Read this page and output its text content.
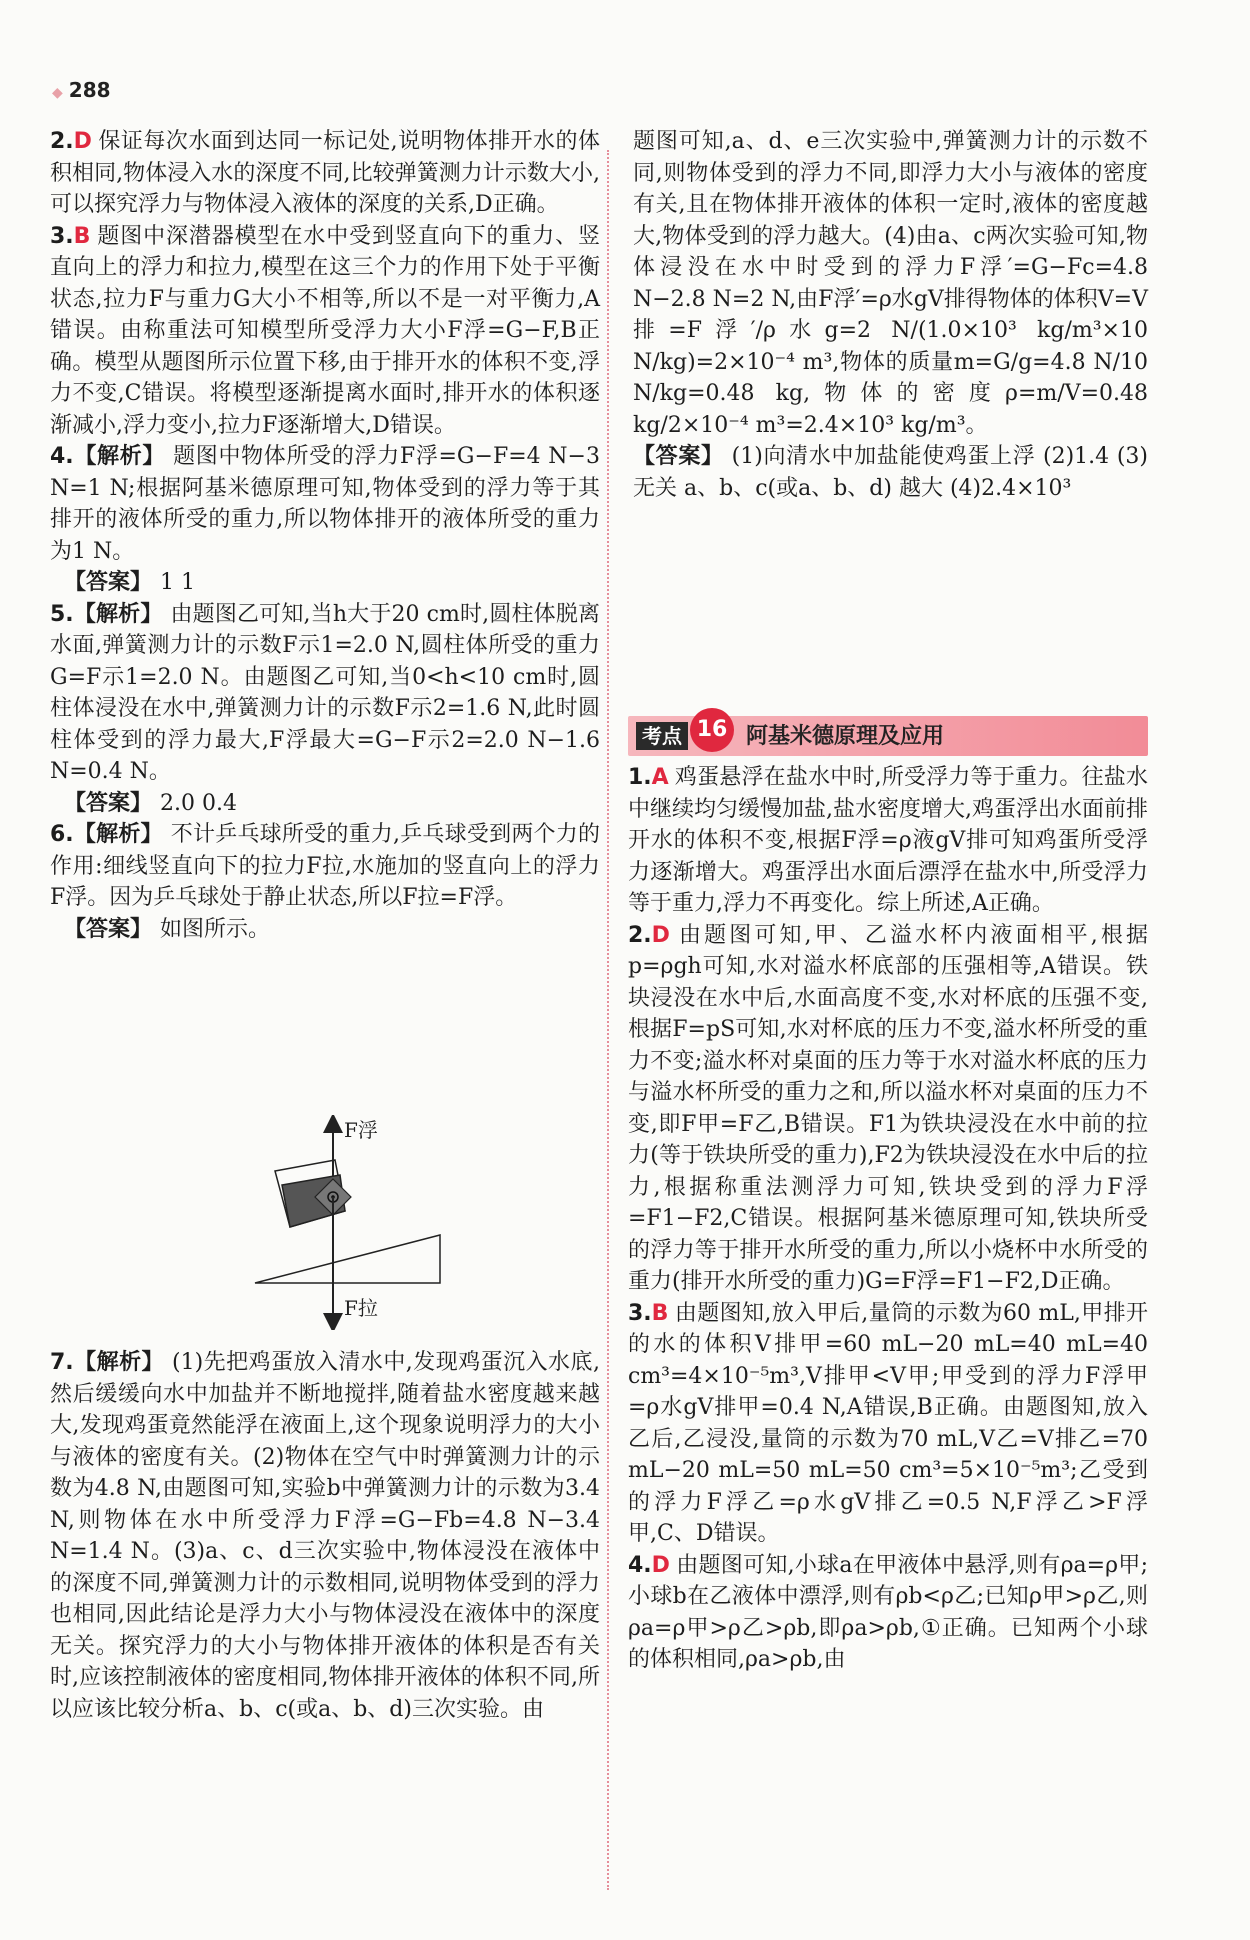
◆ 288

2.D 保证每次水面到达同一标记处,说明物体排开水的体积相同,物体浸入水的深度不同,比较弹簧测力计示数大小,可以探究浮力与物体浸入液体的深度的关系,D正确。

3.B 题图中深潜器模型在水中受到竖直向下的重力、竖直向上的浮力和拉力,模型在这三个力的作用下处于平衡状态,拉力F与重力G大小不相等,所以不是一对平衡力,A错误。由称重法可知模型所受浮力大小F浮=G−F,B正确。模型从题图所示位置下移,由于排开水的体积不变,浮力不变,C错误。将模型逐渐提离水面时,排开水的体积逐渐减小,浮力变小,拉力F逐渐增大,D错误。

4.【解析】 题图中物体所受的浮力F浮=G−F=4 N−3 N=1 N;根据阿基米德原理可知,物体受到的浮力等于其排开的液体所受的重力,所以物体排开的液体所受的重力为1 N。

【答案】 1 1

5.【解析】 由题图乙可知,当h大于20 cm时,圆柱体脱离水面,弹簧测力计的示数F示1=2.0 N,圆柱体所受的重力G=F示1=2.0 N。由题图乙可知,当0<h<10 cm时,圆柱体浸没在水中,弹簧测力计的示数F示2=1.6 N,此时圆柱体受到的浮力最大,F浮最大=G−F示2=2.0 N−1.6 N=0.4 N。

【答案】 2.0 0.4

6.【解析】 不计乒乓球所受的重力,乒乓球受到两个力的作用:细线竖直向下的拉力F拉,水施加的竖直向上的浮力F浮。因为乒乓球处于静止状态,所以F拉=F浮。

【答案】 如图所示。

F浮
F拉

7.【解析】 (1)先把鸡蛋放入清水中,发现鸡蛋沉入水底,然后缓缓向水中加盐并不断地搅拌,随着盐水密度越来越大,发现鸡蛋竟然能浮在液面上,这个现象说明浮力的大小与液体的密度有关。(2)物体在空气中时弹簧测力计的示数为4.8 N,由题图可知,实验b中弹簧测力计的示数为3.4 N,则物体在水中所受浮力F浮=G−Fb=4.8 N−3.4 N=1.4 N。(3)a、c、d三次实验中,物体浸没在液体中的深度不同,弹簧测力计的示数相同,说明物体受到的浮力也相同,因此结论是浮力大小与物体浸没在液体中的深度无关。探究浮力的大小与物体排开液体的体积是否有关时,应该控制液体的密度相同,物体排开液体的体积不同,所以应该比较分析a、b、c(或a、b、d)三次实验。由

题图可知,a、d、e三次实验中,弹簧测力计的示数不同,则物体受到的浮力不同,即浮力大小与液体的密度有关,且在物体排开液体的体积一定时,液体的密度越大,物体受到的浮力越大。(4)由a、c两次实验可知,物体浸没在水中时受到的浮力F浮′=G−Fc=4.8 N−2.8 N=2 N,由F浮′=ρ水gV排得物体的体积V=V排=F浮′/ρ水g=2 N/(1.0×10³ kg/m³×10 N/kg)=2×10⁻⁴ m³,物体的质量m=G/g=4.8 N/10 N/kg=0.48 kg,物体的密度ρ=m/V=0.48 kg/2×10⁻⁴ m³=2.4×10³ kg/m³。

【答案】 (1)向清水中加盐能使鸡蛋上浮 (2)1.4 (3)无关 a、b、c(或a、b、d) 越大 (4)2.4×10³

考点 16 阿基米德原理及应用

1.A 鸡蛋悬浮在盐水中时,所受浮力等于重力。往盐水中继续均匀缓慢加盐,盐水密度增大,鸡蛋浮出水面前排开水的体积不变,根据F浮=ρ液gV排可知鸡蛋所受浮力逐渐增大。鸡蛋浮出水面后漂浮在盐水中,所受浮力等于重力,浮力不再变化。综上所述,A正确。

2.D 由题图可知,甲、乙溢水杯内液面相平,根据p=ρgh可知,水对溢水杯底部的压强相等,A错误。铁块浸没在水中后,水面高度不变,水对杯底的压强不变,根据F=pS可知,水对杯底的压力不变,溢水杯所受的重力不变;溢水杯对桌面的压力等于水对溢水杯底的压力与溢水杯所受的重力之和,所以溢水杯对桌面的压力不变,即F甲=F乙,B错误。F1为铁块浸没在水中前的拉力(等于铁块所受的重力),F2为铁块浸没在水中后的拉力,根据称重法测浮力可知,铁块受到的浮力F浮=F1−F2,C错误。根据阿基米德原理可知,铁块所受的浮力等于排开水所受的重力,所以小烧杯中水所受的重力(排开水所受的重力)G=F浮=F1−F2,D正确。

3.B 由题图知,放入甲后,量筒的示数为60 mL,甲排开的水的体积V排甲=60 mL−20 mL=40 mL=40 cm³=4×10⁻⁵m³,V排甲<V甲;甲受到的浮力F浮甲=ρ水gV排甲=0.4 N,A错误,B正确。由题图知,放入乙后,乙浸没,量筒的示数为70 mL,V乙=V排乙=70 mL−20 mL=50 mL=50 cm³=5×10⁻⁵m³;乙受到的浮力F浮乙=ρ水gV排乙=0.5 N,F浮乙>F浮甲,C、D错误。

4.D 由题图可知,小球a在甲液体中悬浮,则有ρa=ρ甲;小球b在乙液体中漂浮,则有ρb<ρ乙;已知ρ甲>ρ乙,则ρa=ρ甲>ρ乙>ρb,即ρa>ρb,①正确。已知两个小球的体积相同,ρa>ρb,由
